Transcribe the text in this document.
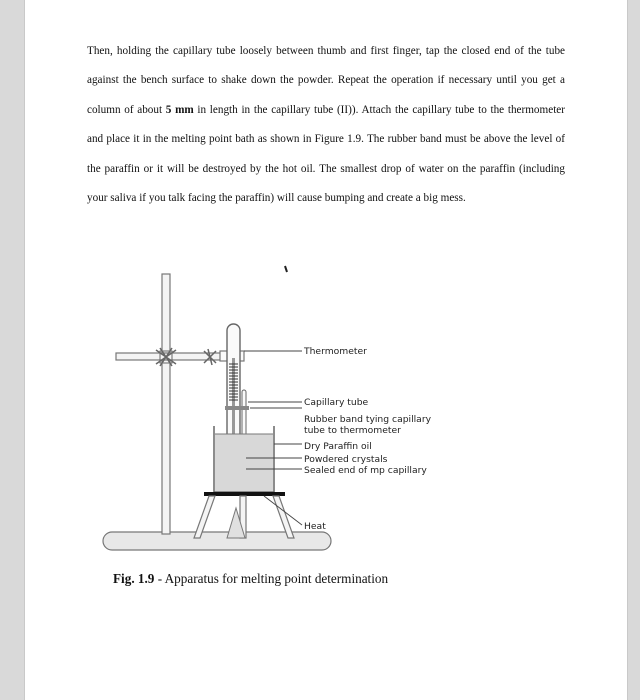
Then, holding the capillary tube loosely between thumb and first finger, tap the closed end of the tube against the bench surface to shake down the powder. Repeat the operation if necessary until you get a column of about 5 mm in length in the capillary tube (II)). Attach the capillary tube to the thermometer and place it in the melting point bath as shown in Figure 1.9. The rubber band must be above the level of the paraffin or it will be destroyed by the hot oil. The smallest drop of water on the paraffin (including your saliva if you talk facing the paraffin) will cause bumping and create a big mess.

Thermometer
Capillary tube
Rubber band tying capillary
tube to thermometer
Dry Paraffin oil
Powdered crystals
Sealed end of mp capillary
Heat
Fig. 1.9 - Apparatus for melting point determination
